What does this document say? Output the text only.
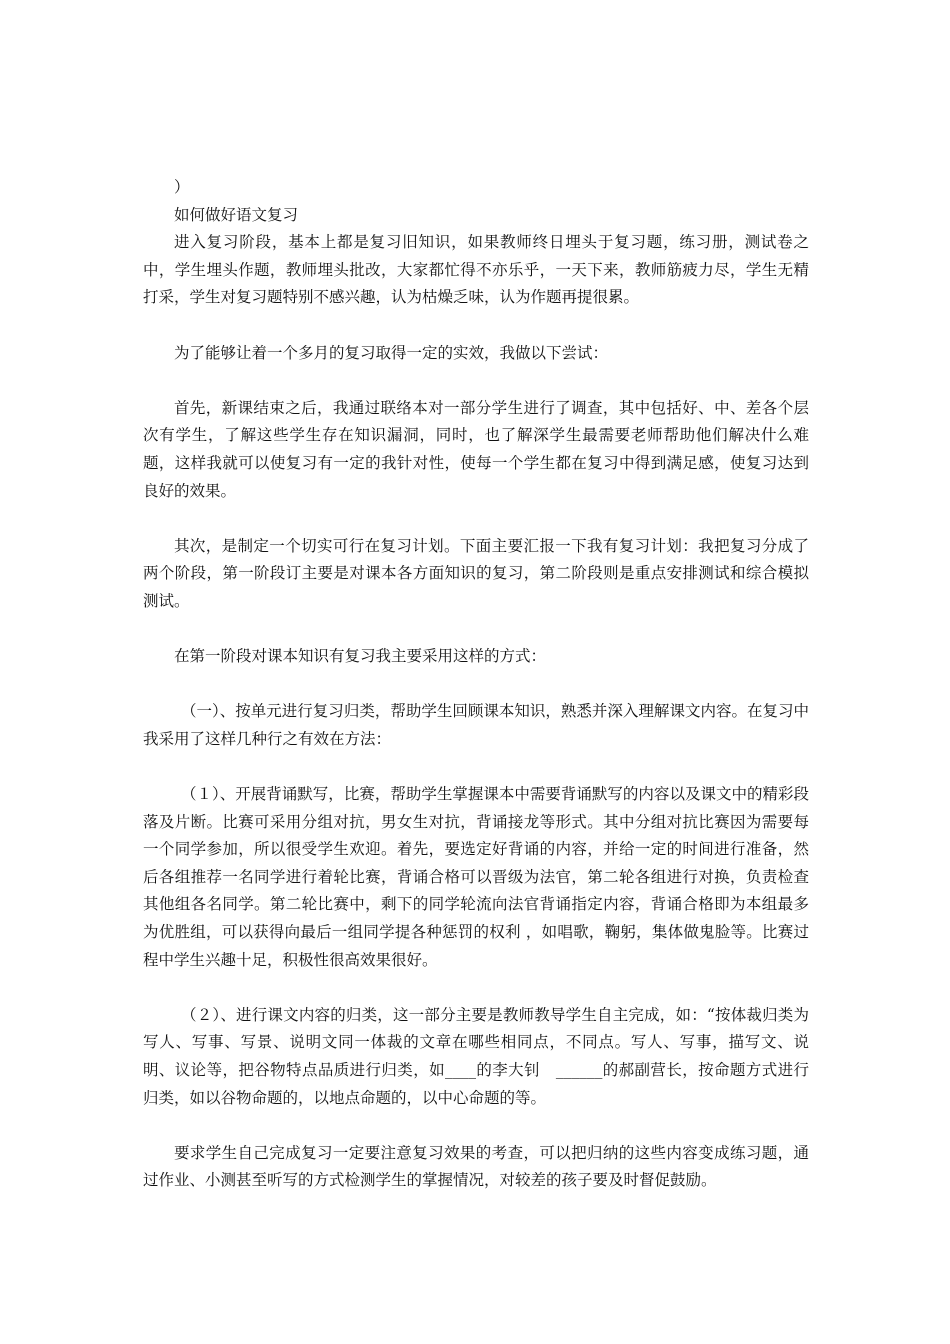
）

如何做好语文复习

进入复习阶段，基本上都是复习旧知识，如果教师终日埋头于复习题，练习册，测试卷之中，学生埋头作题，教师埋头批改，大家都忙得不亦乐乎，一天下来，教师筋疲力尽，学生无精打采，学生对复习题特别不感兴趣，认为枯燥乏味，认为作题再提很累。

为了能够让着一个多月的复习取得一定的实效，我做以下尝试：

首先，新课结束之后，我通过联络本对一部分学生进行了调查，其中包括好、中、差各个层次有学生，了解这些学生存在知识漏洞，同时，也了解深学生最需要老师帮助他们解决什么难题，这样我就可以使复习有一定的我针对性，使每一个学生都在复习中得到满足感，使复习达到良好的效果。

其次，是制定一个切实可行在复习计划。下面主要汇报一下我有复习计划：我把复习分成了两个阶段，第一阶段订主要是对课本各方面知识的复习，第二阶段则是重点安排测试和综合模拟测试。

在第一阶段对课本知识有复习我主要采用这样的方式：

（一）、按单元进行复习归类，帮助学生回顾课本知识，熟悉并深入理解课文内容。在复习中我采用了这样几种行之有效在方法：

（１）、开展背诵默写，比赛，帮助学生掌握课本中需要背诵默写的内容以及课文中的精彩段落及片断。比赛可采用分组对抗，男女生对抗，背诵接龙等形式。其中分组对抗比赛因为需要每一个同学参加，所以很受学生欢迎。着先，要选定好背诵的内容，并给一定的时间进行准备，然后各组推荐一名同学进行着轮比赛，背诵合格可以晋级为法官，第二轮各组进行对换，负责检查其他组各名同学。第二轮比赛中，剩下的同学轮流向法官背诵指定内容，背诵合格即为本组最多为优胜组，可以获得向最后一组同学提各种惩罚的权利 ，如唱歌，鞠躬，集体做鬼脸等。比赛过程中学生兴趣十足，积极性很高效果很好。

（２）、进行课文内容的归类，这一部分主要是教师教导学生自主完成，如：“按体裁归类为写人、写事、写景、说明文同一体裁的文章在哪些相同点，不同点。写人、写事，描写文、说明、议论等，把谷物特点品质进行归类，如____的李大钊　______的郝副营长，按命题方式进行归类，如以谷物命题的，以地点命题的，以中心命题的等。

要求学生自己完成复习一定要注意复习效果的考查，可以把归纳的这些内容变成练习题，通过作业、小测甚至听写的方式检测学生的掌握情况，对较差的孩子要及时督促鼓励。
